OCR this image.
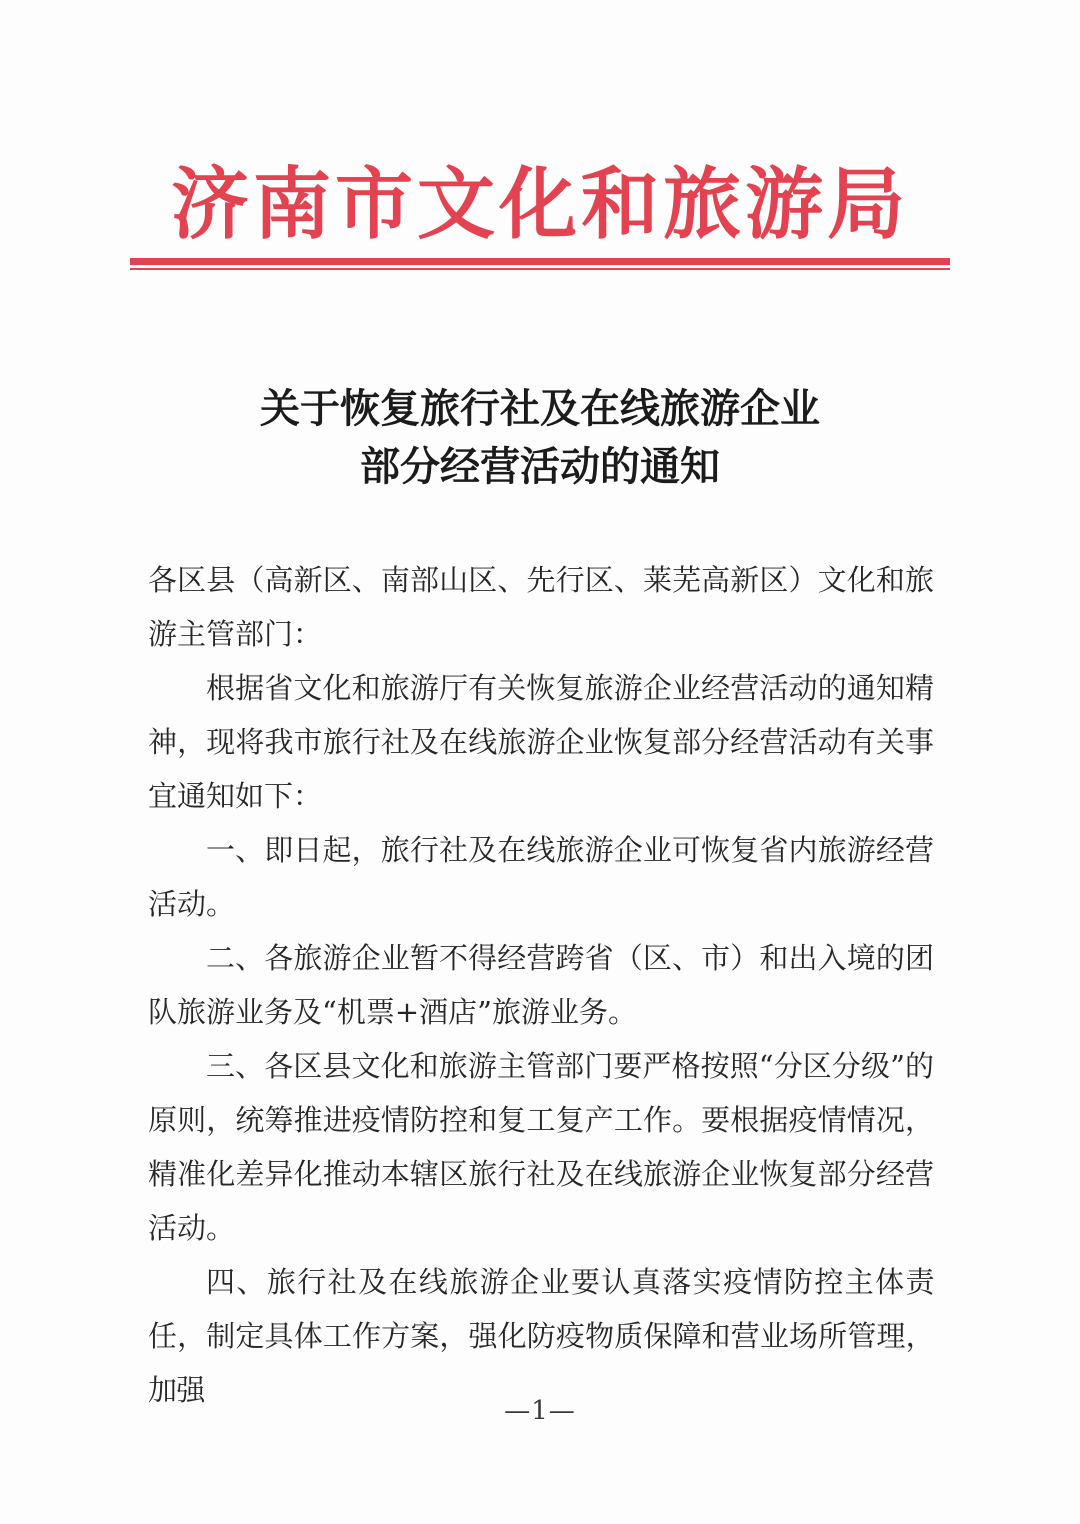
济南市文化和旅游局
关于恢复旅行社及在线旅游企业
部分经营活动的通知

各区县（高新区、南部山区、先行区、莱芜高新区）文化和旅游主管部门：

根据省文化和旅游厅有关恢复旅游企业经营活动的通知精神，现将我市旅行社及在线旅游企业恢复部分经营活动有关事宜通知如下：

一、即日起，旅行社及在线旅游企业可恢复省内旅游经营活动。

二、各旅游企业暂不得经营跨省（区、市）和出入境的团队旅游业务及“机票+酒店”旅游业务。

三、各区县文化和旅游主管部门要严格按照“分区分级”的原则，统筹推进疫情防控和复工复产工作。要根据疫情情况，精准化差异化推动本辖区旅行社及在线旅游企业恢复部分经营活动。

四、旅行社及在线旅游企业要认真落实疫情防控主体责任，制定具体工作方案，强化防疫物质保障和营业场所管理，加强

—1—
